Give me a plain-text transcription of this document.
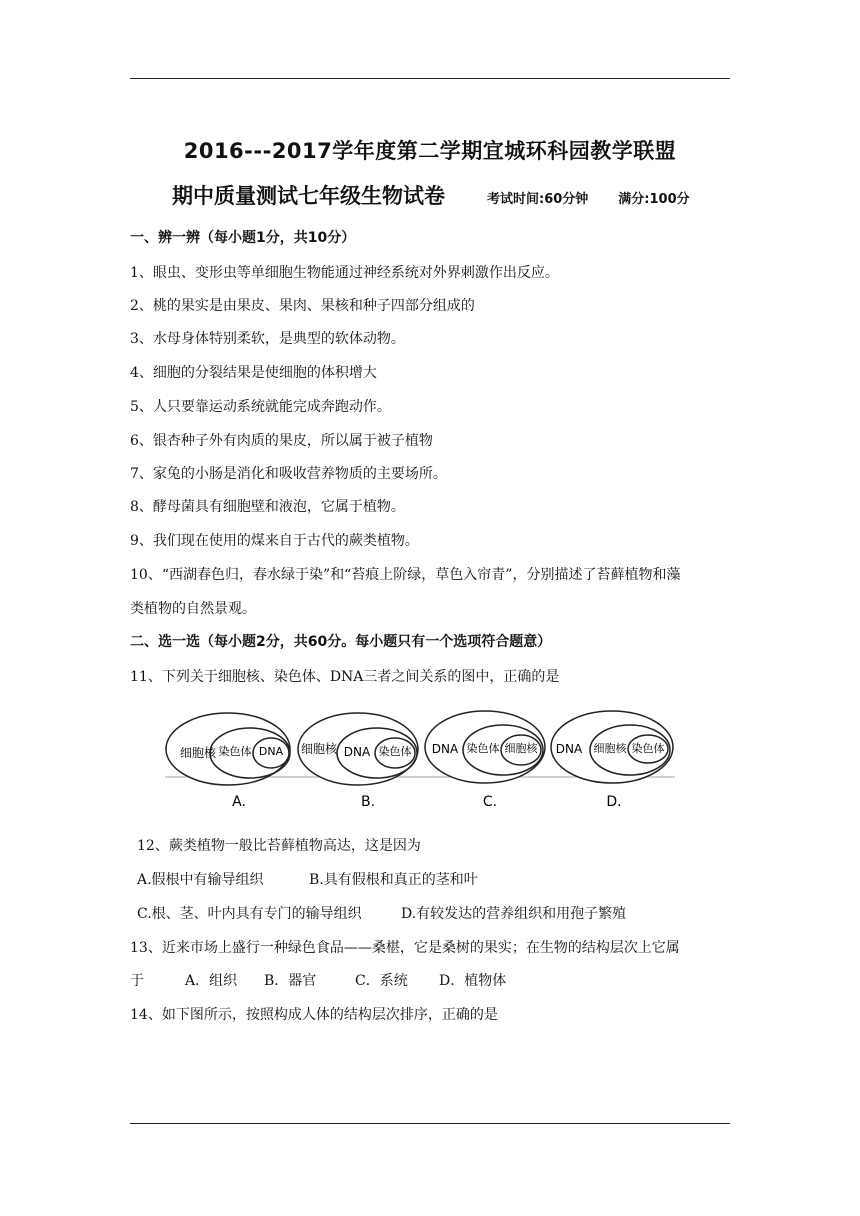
2016---2017学年度第二学期宜城环科园教学联盟
期中质量测试七年级生物试卷	考试时间:60分钟 满分:100分
一、辨一辨（每小题1分，共10分）
1、眼虫、变形虫等单细胞生物能通过神经系统对外界刺激作出反应。
2、桃的果实是由果皮、果肉、果核和种子四部分组成的
3、水母身体特别柔软，是典型的软体动物。
4、细胞的分裂结果是使细胞的体积增大
5、人只要靠运动系统就能完成奔跑动作。
6、银杏种子外有肉质的果皮，所以属于被子植物
7、家兔的小肠是消化和吸收营养物质的主要场所。
8、酵母菌具有细胞壁和液泡，它属于植物。
9、我们现在使用的煤来自于古代的蕨类植物。
10、“西湖春色归，春水绿于染”和“苔痕上阶绿，草色入帘青”，分别描述了苔藓植物和藻
类植物的自然景观。
二、选一选（每小题2分，共60分。每小题只有一个选项符合题意）
11、下列关于细胞核、染色体、DNA三者之间关系的图中，正确的是
细胞核 染色体 DNA
A.
细胞核 DNA 染色体
B.
DNA 染色体 细胞核
C.
DNA 细胞核 染色体
D.
12、蕨类植物一般比苔藓植物高达，这是因为
A.假根中有输导组织	B.具有假根和真正的茎和叶
C.根、茎、叶内具有专门的输导组织	D.有较发达的营养组织和用孢子繁殖
13、近来市场上盛行一种绿色食品——桑椹，它是桑树的果实；在生物的结构层次上它属
于	A．组织 B．器官	C．系统 D．植物体
14、如下图所示，按照构成人体的结构层次排序，正确的是
